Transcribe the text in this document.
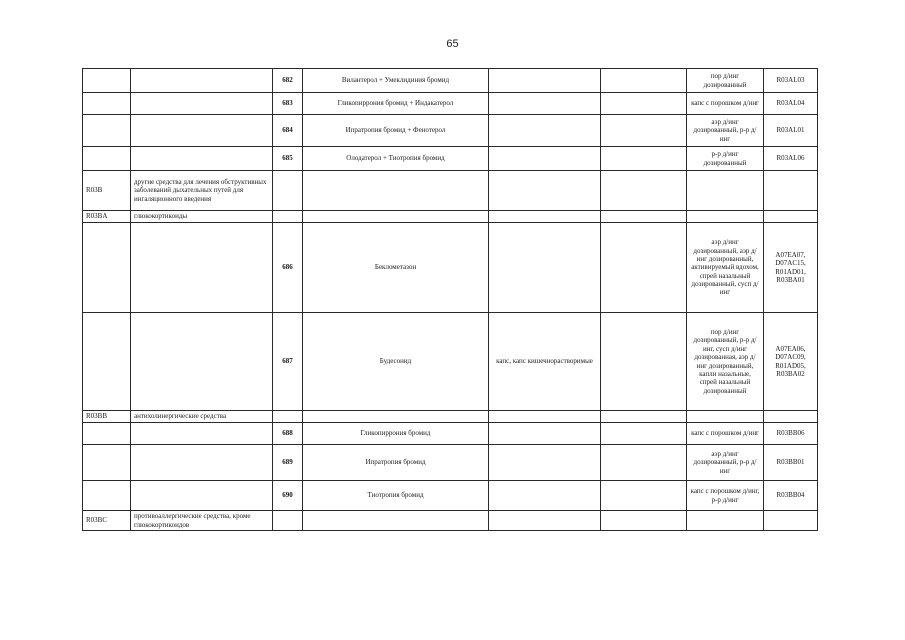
65
		682	Вилантерол + Умеклидиния бромид			пор д/инг дозированный	R03AL03
		683	Гликопиррония бромид + Индакатерол			капс с порошком д/инг	R03AL04
		684	Ипратропия бромид + Фенотерол			аэр д/инг дозированный, р-р д/инг	R03AL01
		685	Олодатерол + Тиотропия бромид			р-р д/инг дозированный	R03AL06
R03B	другие средства для лечения обструктивных заболеваний дыхательных путей для ингаляционного введения						
R03BA	глюкокортикоиды						
		686	Беклометазон			аэр д/инг дозированный, аэр д/инг дозированный, активируемый вдохом, спрей назальный дозированный, сусп д/инг	A07EA07, D07AC15, R01AD01, R03BA01
		687	Будесонид	капс, капс кишечнорастворимые		пор д/инг дозированный, р-р д/инг, сусп д/инг дозированная, аэр д/инг дозированный, капли назальные, спрей назальный дозированный	A07EA06, D07AC09, R01AD05, R03BA02
R03BB	антихолинергические средства						
		688	Гликопиррония бромид			капс с порошком д/инг	R03BB06
		689	Ипратропия бромид			аэр д/инг дозированный, р-р д/инг	R03BB01
		690	Тиотропия бромид			капс с порошком д/инг, р-р д/инг	R03BB04
R03BC	противоаллергические средства, кроме глюкокортикоидов						
